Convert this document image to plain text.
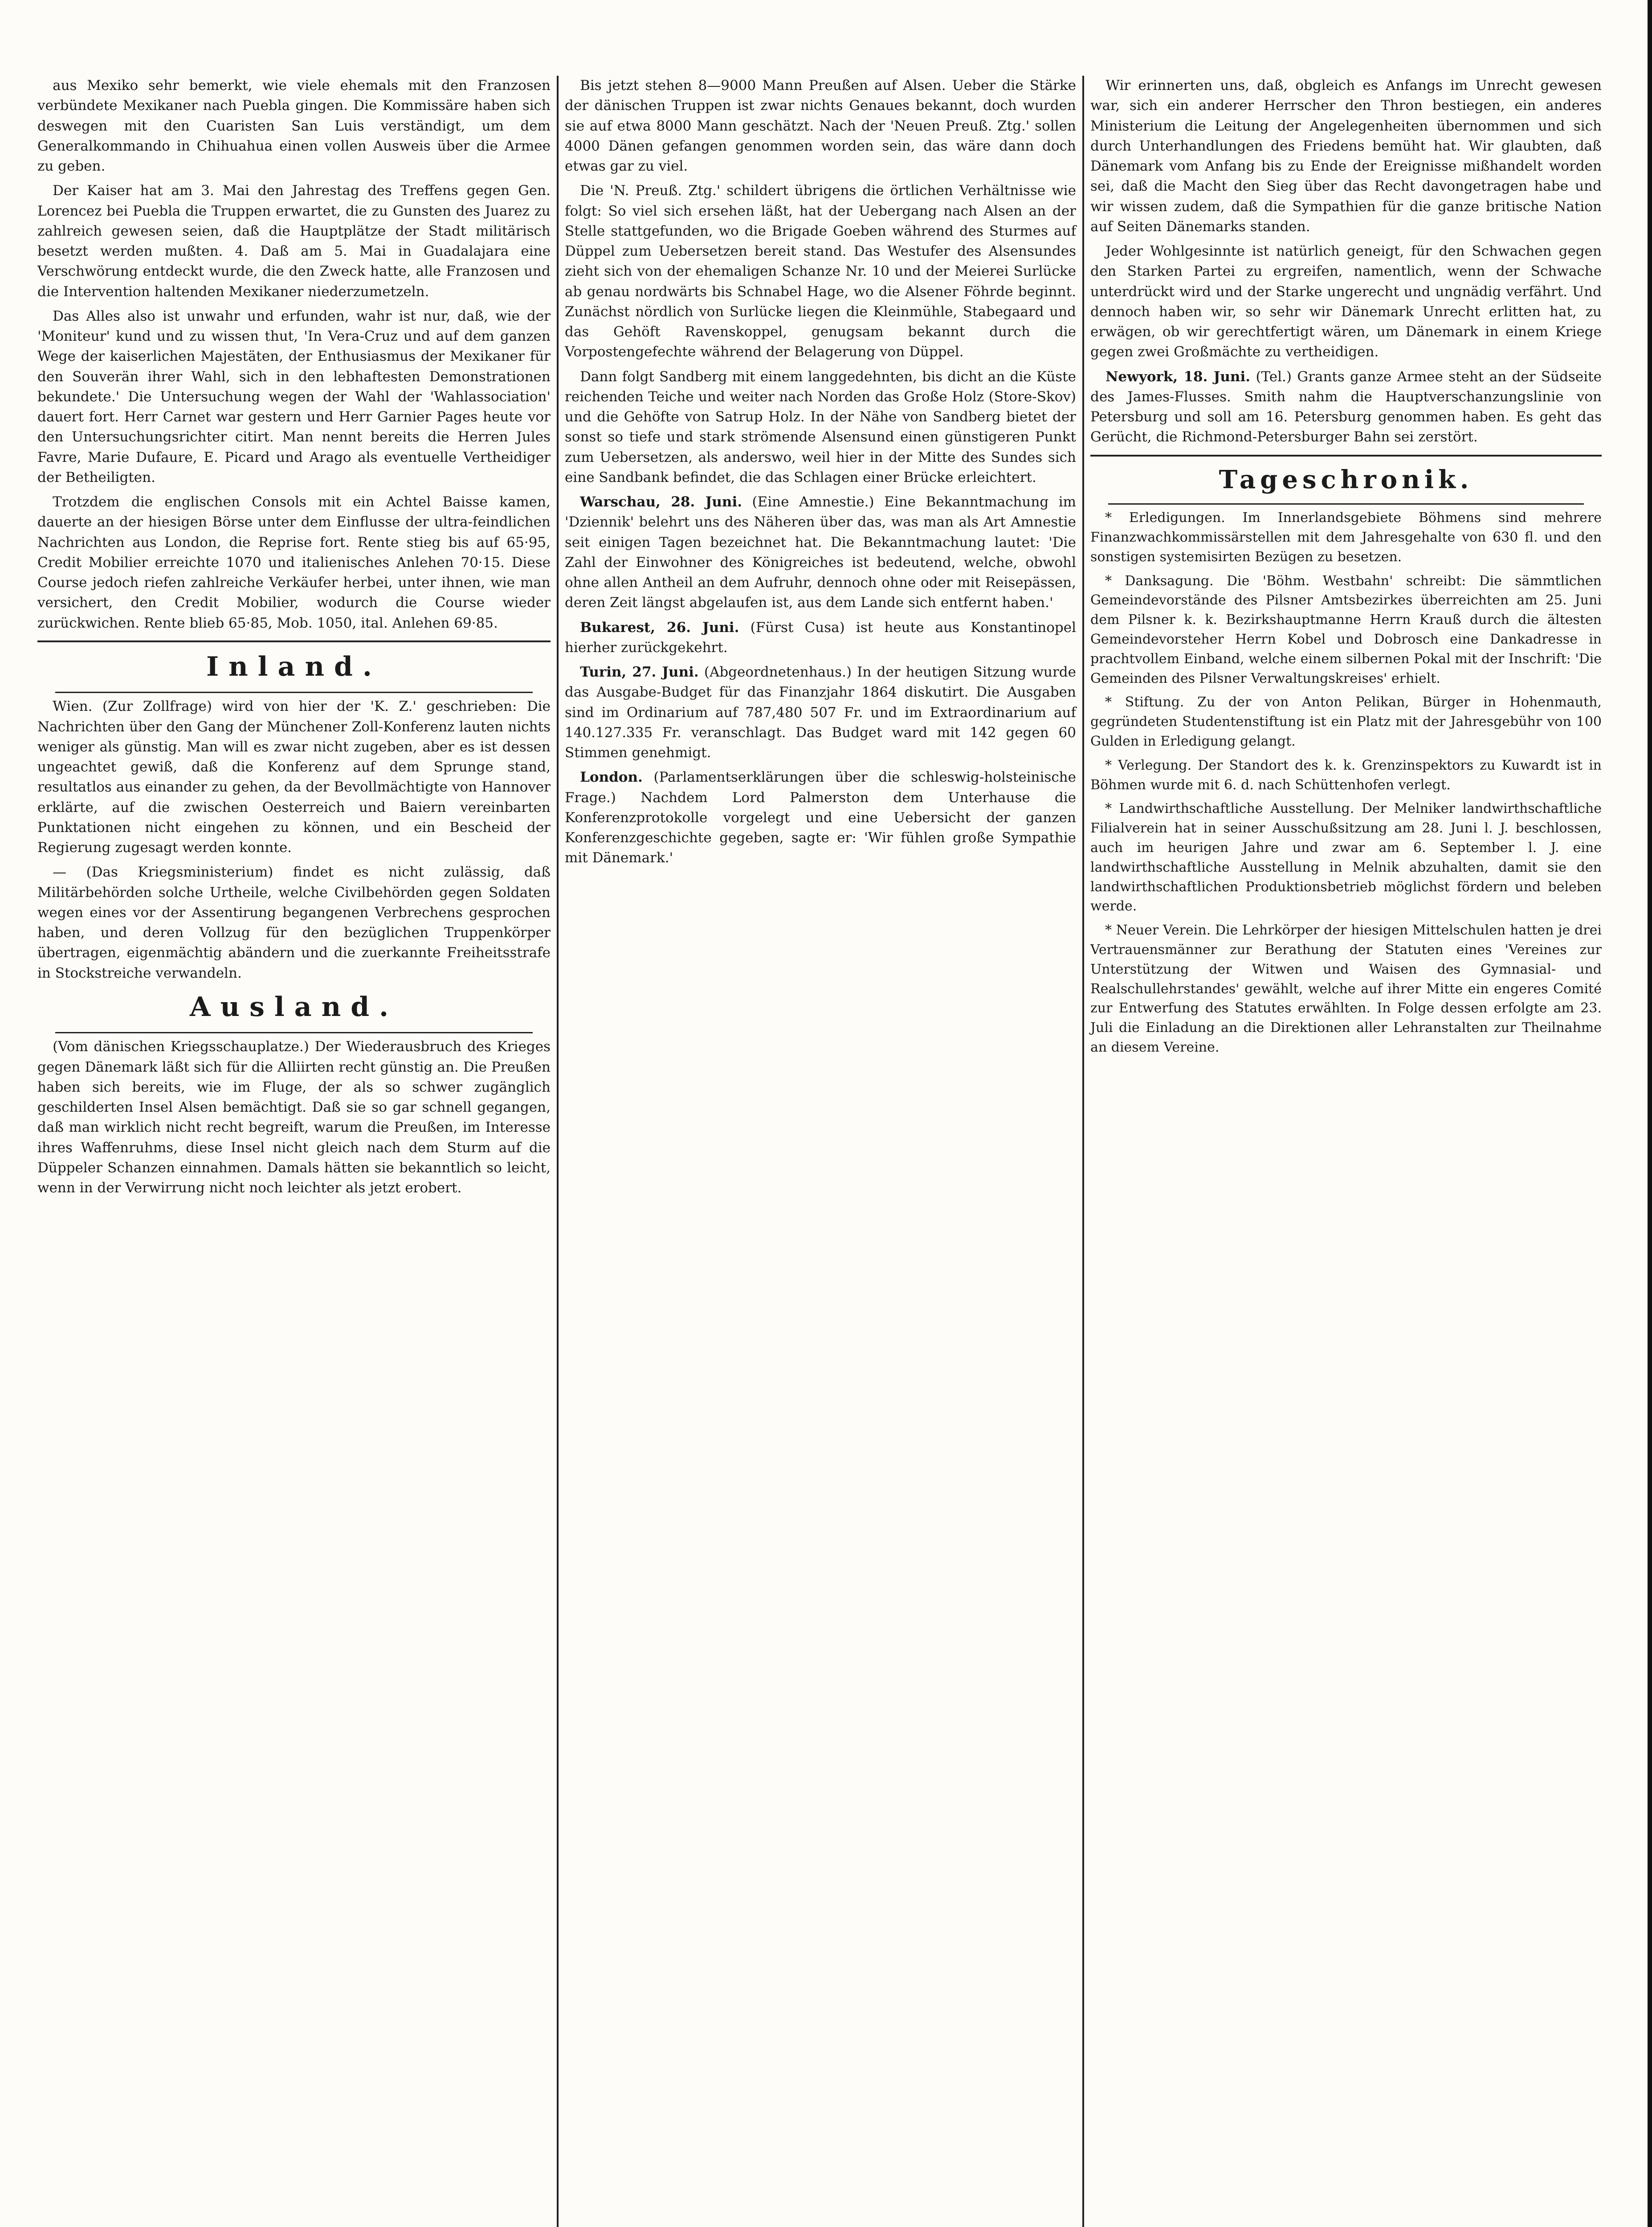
aus Mexiko sehr bemerkt, wie viele ehemals mit den Franzosen verbündete Mexikaner nach Puebla gingen. Die Kommissäre haben sich deswegen mit den Cuaristen San Luis verständigt, um dem Generalkommando in Chihuahua einen vollen Ausweis über die Armee zu geben.

Der Kaiser hat am 3. Mai den Jahrestag des Treffens gegen Gen. Lorencez bei Puebla die Truppen erwartet, die zu Gunsten des Juarez zu zahlreich gewesen seien, daß die Hauptplätze der Stadt militärisch besetzt werden mußten. 4. Daß am 5. Mai in Guadalajara eine Verschwörung entdeckt wurde, die den Zweck hatte, alle Franzosen und die Intervention haltenden Mexikaner niederzumetzeln.

Das Alles also ist unwahr und erfunden, wahr ist nur, daß, wie der 'Moniteur' kund und zu wissen thut, 'In Vera-Cruz und auf dem ganzen Wege der kaiserlichen Majestäten, der Enthusiasmus der Mexikaner für den Souverän ihrer Wahl, sich in den lebhaftesten Demonstrationen bekundete.' Die Untersuchung wegen der Wahl der 'Wahlassociation' dauert fort. Herr Carnet war gestern und Herr Garnier Pages heute vor den Untersuchungsrichter citirt. Man nennt bereits die Herren Jules Favre, Marie Dufaure, E. Picard und Arago als eventuelle Vertheidiger der Betheiligten.

Trotzdem die englischen Consols mit ein Achtel Baisse kamen, dauerte an der hiesigen Börse unter dem Einflusse der ultra-feindlichen Nachrichten aus London, die Reprise fort. Rente stieg bis auf 65·95, Credit Mobilier erreichte 1070 und italienisches Anlehen 70·15. Diese Course jedoch riefen zahlreiche Verkäufer herbei, unter ihnen, wie man versichert, den Credit Mobilier, wodurch die Course wieder zurückwichen. Rente blieb 65·85, Mob. 1050, ital. Anlehen 69·85.

Inland.

Wien. (Zur Zollfrage) wird von hier der 'K. Z.' geschrieben: Die Nachrichten über den Gang der Münchener Zoll-Konferenz lauten nichts weniger als günstig. Man will es zwar nicht zugeben, aber es ist dessen ungeachtet gewiß, daß die Konferenz auf dem Sprunge stand, resultatlos aus einander zu gehen, da der Bevollmächtigte von Hannover erklärte, auf die zwischen Oesterreich und Baiern vereinbarten Punktationen nicht eingehen zu können, und ein Bescheid der Regierung zugesagt werden konnte.

— (Das Kriegsministerium) findet es nicht zulässig, daß Militärbehörden solche Urtheile, welche Civilbehörden gegen Soldaten wegen eines vor der Assentirung begangenen Verbrechens gesprochen haben, und deren Vollzug für den bezüglichen Truppenkörper übertragen, eigenmächtig abändern und die zuerkannte Freiheitsstrafe in Stockstreiche verwandeln.

Ausland.

(Vom dänischen Kriegsschauplatze.) Der Wiederausbruch des Krieges gegen Dänemark läßt sich für die Alliirten recht günstig an. Die Preußen haben sich bereits, wie im Fluge, der als so schwer zugänglich geschilderten Insel Alsen bemächtigt. Daß sie so gar schnell gegangen, daß man wirklich nicht recht begreift, warum die Preußen, im Interesse ihres Waffenruhms, diese Insel nicht gleich nach dem Sturm auf die Düppeler Schanzen einnahmen. Damals hätten sie bekanntlich so leicht, wenn in der Verwirrung nicht noch leichter als jetzt erobert.

Bis jetzt stehen 8—9000 Mann Preußen auf Alsen. Ueber die Stärke der dänischen Truppen ist zwar nichts Genaues bekannt, doch wurden sie auf etwa 8000 Mann geschätzt. Nach der 'Neuen Preuß. Ztg.' sollen 4000 Dänen gefangen genommen worden sein, das wäre dann doch etwas gar zu viel.

Die 'N. Preuß. Ztg.' schildert übrigens die örtlichen Verhältnisse wie folgt: So viel sich ersehen läßt, hat der Uebergang nach Alsen an der Stelle stattgefunden, wo die Brigade Goeben während des Sturmes auf Düppel zum Uebersetzen bereit stand. Das Westufer des Alsensundes zieht sich von der ehemaligen Schanze Nr. 10 und der Meierei Surlücke ab genau nordwärts bis Schnabel Hage, wo die Alsener Föhrde beginnt. Zunächst nördlich von Surlücke liegen die Kleinmühle, Stabegaard und das Gehöft Ravenskoppel, genugsam bekannt durch die Vorpostengefechte während der Belagerung von Düppel.

Dann folgt Sandberg mit einem langgedehnten, bis dicht an die Küste reichenden Teiche und weiter nach Norden das Große Holz (Store-Skov) und die Gehöfte von Satrup Holz. In der Nähe von Sandberg bietet der sonst so tiefe und stark strömende Alsensund einen günstigeren Punkt zum Uebersetzen, als anderswo, weil hier in der Mitte des Sundes sich eine Sandbank befindet, die das Schlagen einer Brücke erleichtert.

Warschau, 28. Juni. (Eine Amnestie.) Eine Bekanntmachung im 'Dziennik' belehrt uns des Näheren über das, was man als Art Amnestie seit einigen Tagen bezeichnet hat. Die Bekanntmachung lautet: 'Die Zahl der Einwohner des Königreiches ist bedeutend, welche, obwohl ohne allen Antheil an dem Aufruhr, dennoch ohne oder mit Reisepässen, deren Zeit längst abgelaufen ist, aus dem Lande sich entfernt haben.'

Bukarest, 26. Juni. (Fürst Cusa) ist heute aus Konstantinopel hierher zurückgekehrt.

Turin, 27. Juni. (Abgeordnetenhaus.) In der heutigen Sitzung wurde das Ausgabe-Budget für das Finanzjahr 1864 diskutirt. Die Ausgaben sind im Ordinarium auf 787,480 507 Fr. und im Extraordinarium auf 140.127.335 Fr. veranschlagt. Das Budget ward mit 142 gegen 60 Stimmen genehmigt.

London. (Parlamentserklärungen über die schleswig-holsteinische Frage.) Nachdem Lord Palmerston dem Unterhause die Konferenzprotokolle vorgelegt und eine Uebersicht der ganzen Konferenzgeschichte gegeben, sagte er: 'Wir fühlen große Sympathie mit Dänemark.'

Wir erinnerten uns, daß, obgleich es Anfangs im Unrecht gewesen war, sich ein anderer Herrscher den Thron bestiegen, ein anderes Ministerium die Leitung der Angelegenheiten übernommen und sich durch Unterhandlungen des Friedens bemüht hat. Wir glaubten, daß Dänemark vom Anfang bis zu Ende der Ereignisse mißhandelt worden sei, daß die Macht den Sieg über das Recht davongetragen habe und wir wissen zudem, daß die Sympathien für die ganze britische Nation auf Seiten Dänemarks standen.

Jeder Wohlgesinnte ist natürlich geneigt, für den Schwachen gegen den Starken Partei zu ergreifen, namentlich, wenn der Schwache unterdrückt wird und der Starke ungerecht und ungnädig verfährt. Und dennoch haben wir, so sehr wir Dänemark Unrecht erlitten hat, zu erwägen, ob wir gerechtfertigt wären, um Dänemark in einem Kriege gegen zwei Großmächte zu vertheidigen.

Newyork, 18. Juni. (Tel.) Grants ganze Armee steht an der Südseite des James-Flusses. Smith nahm die Hauptverschanzungslinie von Petersburg und soll am 16. Petersburg genommen haben. Es geht das Gerücht, die Richmond-Petersburger Bahn sei zerstört.

Tageschronik.

* Erledigungen. Im Innerlandsgebiete Böhmens sind mehrere Finanzwachkommissärstellen mit dem Jahresgehalte von 630 fl. und den sonstigen systemisirten Bezügen zu besetzen.

* Danksagung. Die 'Böhm. Westbahn' schreibt: Die sämmtlichen Gemeindevorstände des Pilsner Amtsbezirkes überreichten am 25. Juni dem Pilsner k. k. Bezirkshauptmanne Herrn Krauß durch die ältesten Gemeindevorsteher Herrn Kobel und Dobrosch eine Dankadresse in prachtvollem Einband, welche einem silbernen Pokal mit der Inschrift: 'Die Gemeinden des Pilsner Verwaltungskreises' erhielt.

* Stiftung. Zu der von Anton Pelikan, Bürger in Hohenmauth, gegründeten Studentenstiftung ist ein Platz mit der Jahresgebühr von 100 Gulden in Erledigung gelangt.

* Verlegung. Der Standort des k. k. Grenzinspektors zu Kuwardt ist in Böhmen wurde mit 6. d. nach Schüttenhofen verlegt.

* Landwirthschaftliche Ausstellung. Der Melniker landwirthschaftliche Filialverein hat in seiner Ausschußsitzung am 28. Juni l. J. beschlossen, auch im heurigen Jahre und zwar am 6. September l. J. eine landwirthschaftliche Ausstellung in Melnik abzuhalten, damit sie den landwirthschaftlichen Produktionsbetrieb möglichst fördern und beleben werde.

* Neuer Verein. Die Lehrkörper der hiesigen Mittelschulen hatten je drei Vertrauensmänner zur Berathung der Statuten eines 'Vereines zur Unterstützung der Witwen und Waisen des Gymnasial- und Realschullehrstandes' gewählt, welche auf ihrer Mitte ein engeres Comité zur Entwerfung des Statutes erwählten. In Folge dessen erfolgte am 23. Juli die Einladung an die Direktionen aller Lehranstalten zur Theilnahme an diesem Vereine.
